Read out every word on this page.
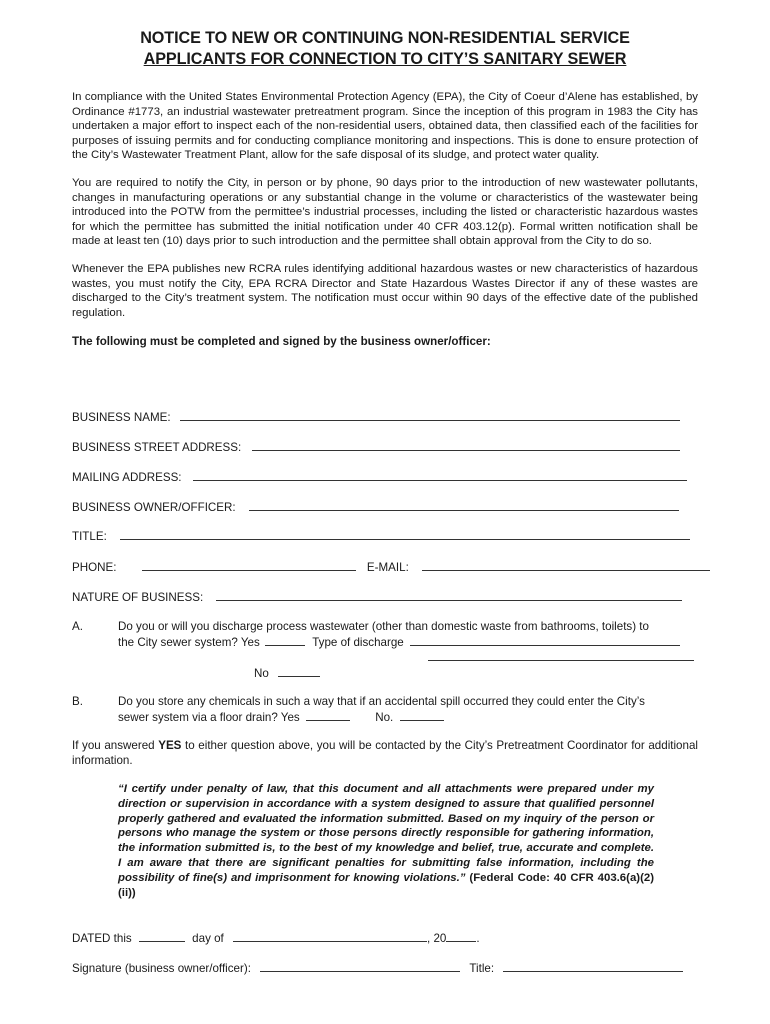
NOTICE TO NEW OR CONTINUING NON-RESIDENTIAL SERVICE
APPLICANTS FOR CONNECTION TO CITY’S SANITARY SEWER

In compliance with the United States Environmental Protection Agency (EPA), the City of Coeur d’Alene has established, by Ordinance #1773, an industrial wastewater pretreatment program. Since the inception of this program in 1983 the City has undertaken a major effort to inspect each of the non-residential users, obtained data, then classified each of the facilities for purposes of issuing permits and for conducting compliance monitoring and inspections. This is done to ensure protection of the City’s Wastewater Treatment Plant, allow for the safe disposal of its sludge, and protect water quality.

You are required to notify the City, in person or by phone, 90 days prior to the introduction of new wastewater pollutants, changes in manufacturing operations or any substantial change in the volume or characteristics of the wastewater being introduced into the POTW from the permittee’s industrial processes, including the listed or characteristic hazardous wastes for which the permittee has submitted the initial notification under 40 CFR 403.12(p). Formal written notification shall be made at least ten (10) days prior to such introduction and the permittee shall obtain approval from the City to do so.

Whenever the EPA publishes new RCRA rules identifying additional hazardous wastes or new characteristics of hazardous wastes, you must notify the City, EPA RCRA Director and State Hazardous Wastes Director if any of these wastes are discharged to the City’s treatment system. The notification must occur within 90 days of the effective date of the published regulation.

The following must be completed and signed by the business owner/officer:

BUSINESS NAME:
BUSINESS STREET ADDRESS:
MAILING ADDRESS:
BUSINESS OWNER/OFFICER:
TITLE:
PHONE:	E-MAIL:
NATURE OF BUSINESS:
A.	Do you or will you discharge process wastewater (other than domestic waste from bathrooms, toilets) to
the City sewer system? Yes	Type of discharge
No
B.	Do you store any chemicals in such a way that if an accidental spill occurred they could enter the City’s
sewer system via a floor drain? Yes	No.

If you answered YES to either question above, you will be contacted by the City’s Pretreatment Coordinator for additional information.

“I certify under penalty of law, that this document and all attachments were prepared under my direction or supervision in accordance with a system designed to assure that qualified personnel properly gathered and evaluated the information submitted. Based on my inquiry of the person or persons who manage the system or those persons directly responsible for gathering information, the information submitted is, to the best of my knowledge and belief, true, accurate and complete. I am aware that there are significant penalties for submitting false information, including the possibility of fine(s) and imprisonment for knowing violations.” (Federal Code: 40 CFR 403.6(a)(2)(ii))
DATED this	day of	, 20	.
Signature (business owner/officer):	Title:
